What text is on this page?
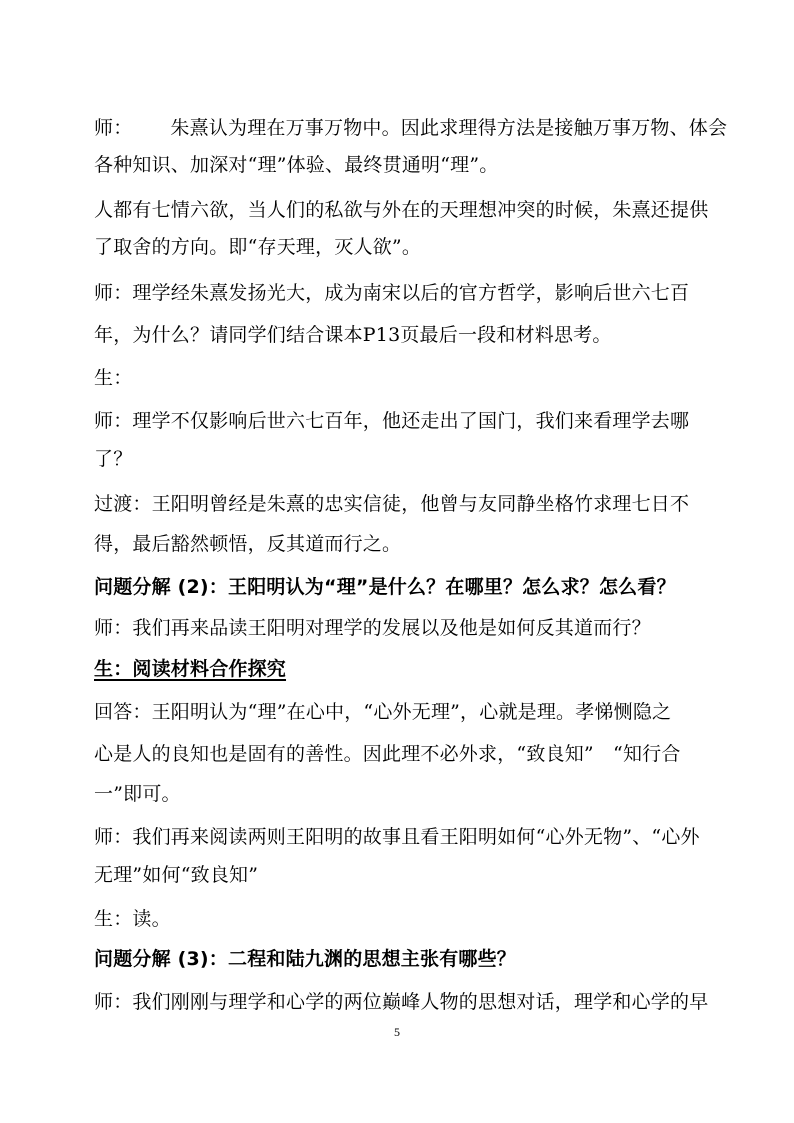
师： 朱熹认为理在万事万物中。因此求理得方法是接触万事万物、体会
各种知识、加深对“理”体验、最终贯通明“理”。
人都有七情六欲，当人们的私欲与外在的天理想冲突的时候，朱熹还提供
了取舍的方向。即“存天理，灭人欲”。
师：理学经朱熹发扬光大，成为南宋以后的官方哲学，影响后世六七百
年，为什么？请同学们结合课本P13页最后一段和材料思考。
生：
师：理学不仅影响后世六七百年，他还走出了国门，我们来看理学去哪
了？
过渡：王阳明曾经是朱熹的忠实信徒，他曾与友同静坐格竹求理七日不
得，最后豁然顿悟，反其道而行之。
问题分解 (2)：王阳明认为“理”是什么？在哪里？怎么求？怎么看？
师：我们再来品读王阳明对理学的发展以及他是如何反其道而行？
生：阅读材料合作探究
回答：王阳明认为“理”在心中，“心外无理”，心就是理。孝悌恻隐之
心是人的良知也是固有的善性。因此理不必外求，“致良知”　“知行合
一”即可。
师：我们再来阅读两则王阳明的故事且看王阳明如何“心外无物”、“心外
无理”如何“致良知”
生：读。
问题分解 (3)：二程和陆九渊的思想主张有哪些？
师：我们刚刚与理学和心学的两位巅峰人物的思想对话，理学和心学的早
5
